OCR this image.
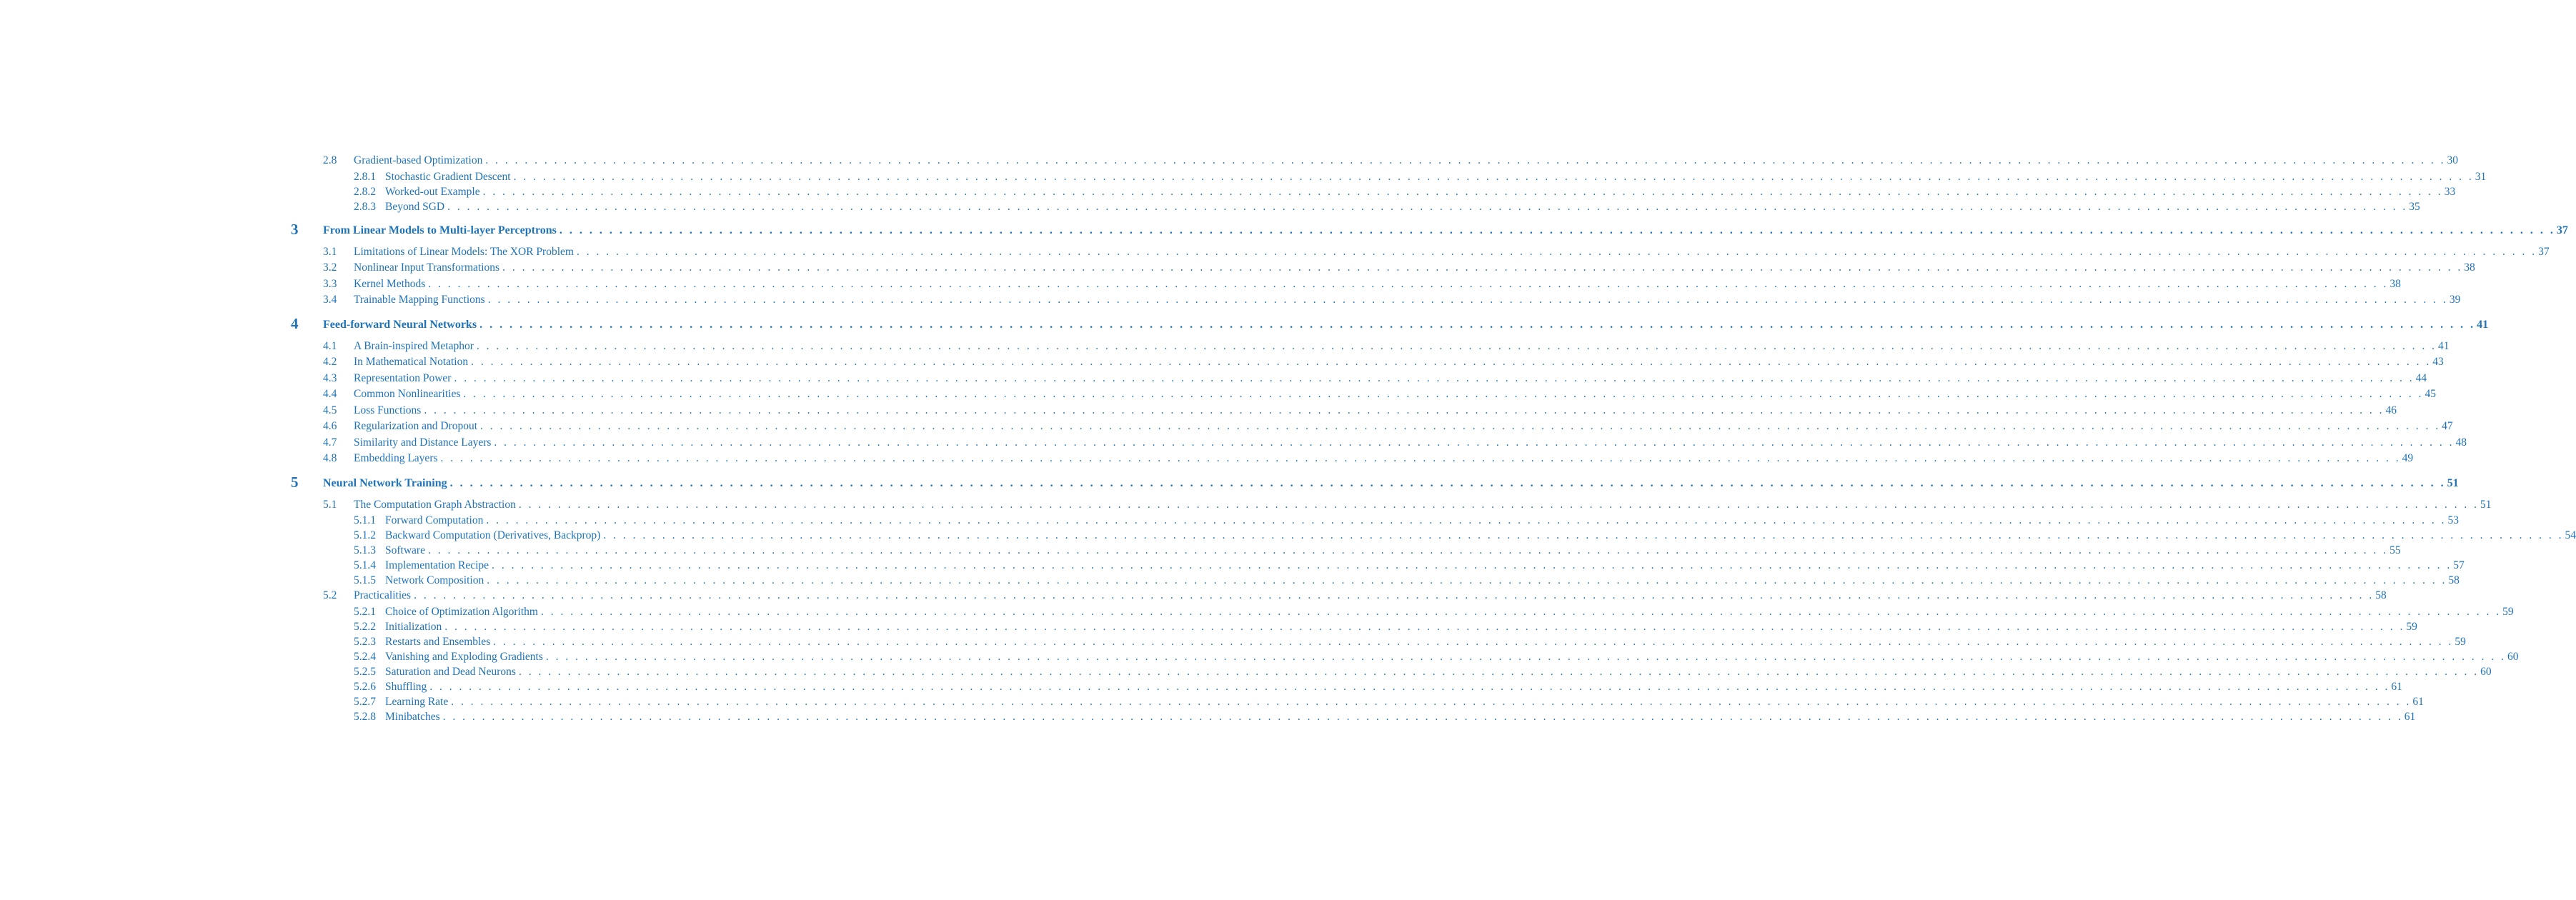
2.8 Gradient-based Optimization . . . . . . . . . . . . . . . . . . . . . . . . . . . . . . . . . . . . . . . . . . . . . . . . . . . . . . . . . . . . . . . . . . . . . . . . . . . . . . . . . . . . . . . . . . . . . . . . . . . . . . . . . . . . . . . . . . . . . . . . . . . . . . . . . . . . . . . . . . . . . . . . . . . . . . . . . . . . . . . . . . . . . . . . . . . . . . . . . . . . . . . . . . . . . . . . . . . . . . . . 30
2.8.1 Stochastic Gradient Descent . . . . . . . . . . . . . . . . . . . . . . . . . . . . . . . . . . . . . . . . . . . . . . . . . . . . . . . . . . . . . . . . . . . . . . . . . . . . . . . . . . . . . . . . . . . . . . . . . . . . . . . . . . . . . . . . . . . . . . . . . . . . . . . . . . . . . . . . . . . . . . . . . . . . . . . . . . . . . . . . . . . . . . . . . . . . . . . . . . . . . . . . . . . . . . . . . . . . . . . . 31
2.8.2 Worked-out Example . . . . . . . . . . . . . . . . . . . . . . . . . . . . . . . . . . . . . . . . . . . . . . . . . . . . . . . . . . . . . . . . . . . . . . . . . . . . . . . . . . . . . . . . . . . . . . . . . . . . . . . . . . . . . . . . . . . . . . . . . . . . . . . . . . . . . . . . . . . . . . . . . . . . . . . . . . . . . . . . . . . . . . . . . . . . . . . . . . . . . . . . . . . . . . . . . . . . . . . . 33
2.8.3 Beyond SGD . . . . . . . . . . . . . . . . . . . . . . . . . . . . . . . . . . . . . . . . . . . . . . . . . . . . . . . . . . . . . . . . . . . . . . . . . . . . . . . . . . . . . . . . . . . . . . . . . . . . . . . . . . . . . . . . . . . . . . . . . . . . . . . . . . . . . . . . . . . . . . . . . . . . . . . . . . . . . . . . . . . . . . . . . . . . . . . . . . . . . . . . . . . . . . . . . . . . . . . . 35
3 From Linear Models to Multi-layer Perceptrons . . . . . . . . . . . . . . . . . . . . . . . . . . . . . . . . . . . . . . . . . . . . . . . . . . . . . . . . . . . . . . . . . . . . . . . . . . . . . . . . . . . . . . . . . . . . . . . . . . . . . . . . . . . . . . . . . . . . . . . . . . . . . . . . . . . . . . . . . . . . . . . . . . . . . . . . . . . . . . . . . . . . . . . . . . . . . . . . . . . . . . . . . . . . . . . . . . . . . . . . 37
3.1 Limitations of Linear Models: The XOR Problem . . . . . . . . . . . . . . . . . . . . . . . . . . . . . . . . . . . . . . . . . . . . . . . . . . . . . . . . . . . . . . . . . . . . . . . . . . . . . . . . . . . . . . . . . . . . . . . . . . . . . . . . . . . . . . . . . . . . . . . . . . . . . . . . . . . . . . . . . . . . . . . . . . . . . . . . . . . . . . . . . . . . . . . . . . . . . . . . . . . . . . . . . . . . . . . . . . . . . . . . 37
3.2 Nonlinear Input Transformations . . . . . . . . . . . . . . . . . . . . . . . . . . . . . . . . . . . . . . . . . . . . . . . . . . . . . . . . . . . . . . . . . . . . . . . . . . . . . . . . . . . . . . . . . . . . . . . . . . . . . . . . . . . . . . . . . . . . . . . . . . . . . . . . . . . . . . . . . . . . . . . . . . . . . . . . . . . . . . . . . . . . . . . . . . . . . . . . . . . . . . . . . . . . . . . . . . . . . . . . 38
3.3 Kernel Methods . . . . . . . . . . . . . . . . . . . . . . . . . . . . . . . . . . . . . . . . . . . . . . . . . . . . . . . . . . . . . . . . . . . . . . . . . . . . . . . . . . . . . . . . . . . . . . . . . . . . . . . . . . . . . . . . . . . . . . . . . . . . . . . . . . . . . . . . . . . . . . . . . . . . . . . . . . . . . . . . . . . . . . . . . . . . . . . . . . . . . . . . . . . . . . . . . . . . . . . . 38
3.4 Trainable Mapping Functions . . . . . . . . . . . . . . . . . . . . . . . . . . . . . . . . . . . . . . . . . . . . . . . . . . . . . . . . . . . . . . . . . . . . . . . . . . . . . . . . . . . . . . . . . . . . . . . . . . . . . . . . . . . . . . . . . . . . . . . . . . . . . . . . . . . . . . . . . . . . . . . . . . . . . . . . . . . . . . . . . . . . . . . . . . . . . . . . . . . . . . . . . . . . . . . . . . . . . . . . 39
4 Feed-forward Neural Networks . . . . . . . . . . . . . . . . . . . . . . . . . . . . . . . . . . . . . . . . . . . . . . . . . . . . . . . . . . . . . . . . . . . . . . . . . . . . . . . . . . . . . . . . . . . . . . . . . . . . . . . . . . . . . . . . . . . . . . . . . . . . . . . . . . . . . . . . . . . . . . . . . . . . . . . . . . . . . . . . . . . . . . . . . . . . . . . . . . . . . . . . . . . . . . . . . . . . . . . . 41
4.1 A Brain-inspired Metaphor . . . . . . . . . . . . . . . . . . . . . . . . . . . . . . . . . . . . . . . . . . . . . . . . . . . . . . . . . . . . . . . . . . . . . . . . . . . . . . . . . . . . . . . . . . . . . . . . . . . . . . . . . . . . . . . . . . . . . . . . . . . . . . . . . . . . . . . . . . . . . . . . . . . . . . . . . . . . . . . . . . . . . . . . . . . . . . . . . . . . . . . . . . . . . . . . . . . . . . . . 41
4.2 In Mathematical Notation . . . . . . . . . . . . . . . . . . . . . . . . . . . . . . . . . . . . . . . . . . . . . . . . . . . . . . . . . . . . . . . . . . . . . . . . . . . . . . . . . . . . . . . . . . . . . . . . . . . . . . . . . . . . . . . . . . . . . . . . . . . . . . . . . . . . . . . . . . . . . . . . . . . . . . . . . . . . . . . . . . . . . . . . . . . . . . . . . . . . . . . . . . . . . . . . . . . . . . . . 43
4.3 Representation Power . . . . . . . . . . . . . . . . . . . . . . . . . . . . . . . . . . . . . . . . . . . . . . . . . . . . . . . . . . . . . . . . . . . . . . . . . . . . . . . . . . . . . . . . . . . . . . . . . . . . . . . . . . . . . . . . . . . . . . . . . . . . . . . . . . . . . . . . . . . . . . . . . . . . . . . . . . . . . . . . . . . . . . . . . . . . . . . . . . . . . . . . . . . . . . . . . . . . . . . . 44
4.4 Common Nonlinearities . . . . . . . . . . . . . . . . . . . . . . . . . . . . . . . . . . . . . . . . . . . . . . . . . . . . . . . . . . . . . . . . . . . . . . . . . . . . . . . . . . . . . . . . . . . . . . . . . . . . . . . . . . . . . . . . . . . . . . . . . . . . . . . . . . . . . . . . . . . . . . . . . . . . . . . . . . . . . . . . . . . . . . . . . . . . . . . . . . . . . . . . . . . . . . . . . . . . . . . . 45
4.5 Loss Functions . . . . . . . . . . . . . . . . . . . . . . . . . . . . . . . . . . . . . . . . . . . . . . . . . . . . . . . . . . . . . . . . . . . . . . . . . . . . . . . . . . . . . . . . . . . . . . . . . . . . . . . . . . . . . . . . . . . . . . . . . . . . . . . . . . . . . . . . . . . . . . . . . . . . . . . . . . . . . . . . . . . . . . . . . . . . . . . . . . . . . . . . . . . . . . . . . . . . . . . . 46
4.6 Regularization and Dropout . . . . . . . . . . . . . . . . . . . . . . . . . . . . . . . . . . . . . . . . . . . . . . . . . . . . . . . . . . . . . . . . . . . . . . . . . . . . . . . . . . . . . . . . . . . . . . . . . . . . . . . . . . . . . . . . . . . . . . . . . . . . . . . . . . . . . . . . . . . . . . . . . . . . . . . . . . . . . . . . . . . . . . . . . . . . . . . . . . . . . . . . . . . . . . . . . . . . . . . . 47
4.7 Similarity and Distance Layers . . . . . . . . . . . . . . . . . . . . . . . . . . . . . . . . . . . . . . . . . . . . . . . . . . . . . . . . . . . . . . . . . . . . . . . . . . . . . . . . . . . . . . . . . . . . . . . . . . . . . . . . . . . . . . . . . . . . . . . . . . . . . . . . . . . . . . . . . . . . . . . . . . . . . . . . . . . . . . . . . . . . . . . . . . . . . . . . . . . . . . . . . . . . . . . . . . . . . . . . 48
4.8 Embedding Layers . . . . . . . . . . . . . . . . . . . . . . . . . . . . . . . . . . . . . . . . . . . . . . . . . . . . . . . . . . . . . . . . . . . . . . . . . . . . . . . . . . . . . . . . . . . . . . . . . . . . . . . . . . . . . . . . . . . . . . . . . . . . . . . . . . . . . . . . . . . . . . . . . . . . . . . . . . . . . . . . . . . . . . . . . . . . . . . . . . . . . . . . . . . . . . . . . . . . . . . . 49
5 Neural Network Training . . . . . . . . . . . . . . . . . . . . . . . . . . . . . . . . . . . . . . . . . . . . . . . . . . . . . . . . . . . . . . . . . . . . . . . . . . . . . . . . . . . . . . . . . . . . . . . . . . . . . . . . . . . . . . . . . . . . . . . . . . . . . . . . . . . . . . . . . . . . . . . . . . . . . . . . . . . . . . . . . . . . . . . . . . . . . . . . . . . . . . . . . . . . . . . . . . . . . . . . 51
5.1 The Computation Graph Abstraction . . . . . . . . . . . . . . . . . . . . . . . . . . . . . . . . . . . . . . . . . . . . . . . . . . . . . . . . . . . . . . . . . . . . . . . . . . . . . . . . . . . . . . . . . . . . . . . . . . . . . . . . . . . . . . . . . . . . . . . . . . . . . . . . . . . . . . . . . . . . . . . . . . . . . . . . . . . . . . . . . . . . . . . . . . . . . . . . . . . . . . . . . . . . . . . . . . . . . . . . 51
5.1.1 Forward Computation . . . . . . . . . . . . . . . . . . . . . . . . . . . . . . . . . . . . . . . . . . . . . . . . . . . . . . . . . . . . . . . . . . . . . . . . . . . . . . . . . . . . . . . . . . . . . . . . . . . . . . . . . . . . . . . . . . . . . . . . . . . . . . . . . . . . . . . . . . . . . . . . . . . . . . . . . . . . . . . . . . . . . . . . . . . . . . . . . . . . . . . . . . . . . . . . . . . . . . . . 53
5.1.2 Backward Computation (Derivatives, Backprop) . . . . . . . . . . . . . . . . . . . . . . . . . . . . . . . . . . . . . . . . . . . . . . . . . . . . . . . . . . . . . . . . . . . . . . . . . . . . . . . . . . . . . . . . . . . . . . . . . . . . . . . . . . . . . . . . . . . . . . . . . . . . . . . . . . . . . . . . . . . . . . . . . . . . . . . . . . . . . . . . . . . . . . . . . . . . . . . . . . . . . . . . . . . . . . . . . . . . . . . . 54
5.1.3 Software . . . . . . . . . . . . . . . . . . . . . . . . . . . . . . . . . . . . . . . . . . . . . . . . . . . . . . . . . . . . . . . . . . . . . . . . . . . . . . . . . . . . . . . . . . . . . . . . . . . . . . . . . . . . . . . . . . . . . . . . . . . . . . . . . . . . . . . . . . . . . . . . . . . . . . . . . . . . . . . . . . . . . . . . . . . . . . . . . . . . . . . . . . . . . . . . . . . . . . . . 55
5.1.4 Implementation Recipe . . . . . . . . . . . . . . . . . . . . . . . . . . . . . . . . . . . . . . . . . . . . . . . . . . . . . . . . . . . . . . . . . . . . . . . . . . . . . . . . . . . . . . . . . . . . . . . . . . . . . . . . . . . . . . . . . . . . . . . . . . . . . . . . . . . . . . . . . . . . . . . . . . . . . . . . . . . . . . . . . . . . . . . . . . . . . . . . . . . . . . . . . . . . . . . . . . . . . . . . 57
5.1.5 Network Composition . . . . . . . . . . . . . . . . . . . . . . . . . . . . . . . . . . . . . . . . . . . . . . . . . . . . . . . . . . . . . . . . . . . . . . . . . . . . . . . . . . . . . . . . . . . . . . . . . . . . . . . . . . . . . . . . . . . . . . . . . . . . . . . . . . . . . . . . . . . . . . . . . . . . . . . . . . . . . . . . . . . . . . . . . . . . . . . . . . . . . . . . . . . . . . . . . . . . . . . . 58
5.2 Practicalities . . . . . . . . . . . . . . . . . . . . . . . . . . . . . . . . . . . . . . . . . . . . . . . . . . . . . . . . . . . . . . . . . . . . . . . . . . . . . . . . . . . . . . . . . . . . . . . . . . . . . . . . . . . . . . . . . . . . . . . . . . . . . . . . . . . . . . . . . . . . . . . . . . . . . . . . . . . . . . . . . . . . . . . . . . . . . . . . . . . . . . . . . . . . . . . . . . . . . . . . 58
5.2.1 Choice of Optimization Algorithm . . . . . . . . . . . . . . . . . . . . . . . . . . . . . . . . . . . . . . . . . . . . . . . . . . . . . . . . . . . . . . . . . . . . . . . . . . . . . . . . . . . . . . . . . . . . . . . . . . . . . . . . . . . . . . . . . . . . . . . . . . . . . . . . . . . . . . . . . . . . . . . . . . . . . . . . . . . . . . . . . . . . . . . . . . . . . . . . . . . . . . . . . . . . . . . . . . . . . . . . 59
5.2.2 Initialization . . . . . . . . . . . . . . . . . . . . . . . . . . . . . . . . . . . . . . . . . . . . . . . . . . . . . . . . . . . . . . . . . . . . . . . . . . . . . . . . . . . . . . . . . . . . . . . . . . . . . . . . . . . . . . . . . . . . . . . . . . . . . . . . . . . . . . . . . . . . . . . . . . . . . . . . . . . . . . . . . . . . . . . . . . . . . . . . . . . . . . . . . . . . . . . . . . . . . . . . 59
5.2.3 Restarts and Ensembles . . . . . . . . . . . . . . . . . . . . . . . . . . . . . . . . . . . . . . . . . . . . . . . . . . . . . . . . . . . . . . . . . . . . . . . . . . . . . . . . . . . . . . . . . . . . . . . . . . . . . . . . . . . . . . . . . . . . . . . . . . . . . . . . . . . . . . . . . . . . . . . . . . . . . . . . . . . . . . . . . . . . . . . . . . . . . . . . . . . . . . . . . . . . . . . . . . . . . . . . 59
5.2.4 Vanishing and Exploding Gradients . . . . . . . . . . . . . . . . . . . . . . . . . . . . . . . . . . . . . . . . . . . . . . . . . . . . . . . . . . . . . . . . . . . . . . . . . . . . . . . . . . . . . . . . . . . . . . . . . . . . . . . . . . . . . . . . . . . . . . . . . . . . . . . . . . . . . . . . . . . . . . . . . . . . . . . . . . . . . . . . . . . . . . . . . . . . . . . . . . . . . . . . . . . . . . . . . . . . . . . . 60
5.2.5 Saturation and Dead Neurons . . . . . . . . . . . . . . . . . . . . . . . . . . . . . . . . . . . . . . . . . . . . . . . . . . . . . . . . . . . . . . . . . . . . . . . . . . . . . . . . . . . . . . . . . . . . . . . . . . . . . . . . . . . . . . . . . . . . . . . . . . . . . . . . . . . . . . . . . . . . . . . . . . . . . . . . . . . . . . . . . . . . . . . . . . . . . . . . . . . . . . . . . . . . . . . . . . . . . . . . 60
5.2.6 Shuffling . . . . . . . . . . . . . . . . . . . . . . . . . . . . . . . . . . . . . . . . . . . . . . . . . . . . . . . . . . . . . . . . . . . . . . . . . . . . . . . . . . . . . . . . . . . . . . . . . . . . . . . . . . . . . . . . . . . . . . . . . . . . . . . . . . . . . . . . . . . . . . . . . . . . . . . . . . . . . . . . . . . . . . . . . . . . . . . . . . . . . . . . . . . . . . . . . . . . . . . . 61
5.2.7 Learning Rate . . . . . . . . . . . . . . . . . . . . . . . . . . . . . . . . . . . . . . . . . . . . . . . . . . . . . . . . . . . . . . . . . . . . . . . . . . . . . . . . . . . . . . . . . . . . . . . . . . . . . . . . . . . . . . . . . . . . . . . . . . . . . . . . . . . . . . . . . . . . . . . . . . . . . . . . . . . . . . . . . . . . . . . . . . . . . . . . . . . . . . . . . . . . . . . . . . . . . . . . 61
5.2.8 Minibatches . . . . . . . . . . . . . . . . . . . . . . . . . . . . . . . . . . . . . . . . . . . . . . . . . . . . . . . . . . . . . . . . . . . . . . . . . . . . . . . . . . . . . . . . . . . . . . . . . . . . . . . . . . . . . . . . . . . . . . . . . . . . . . . . . . . . . . . . . . . . . . . . . . . . . . . . . . . . . . . . . . . . . . . . . . . . . . . . . . . . . . . . . . . . . . . . . . . . . . . . 61
